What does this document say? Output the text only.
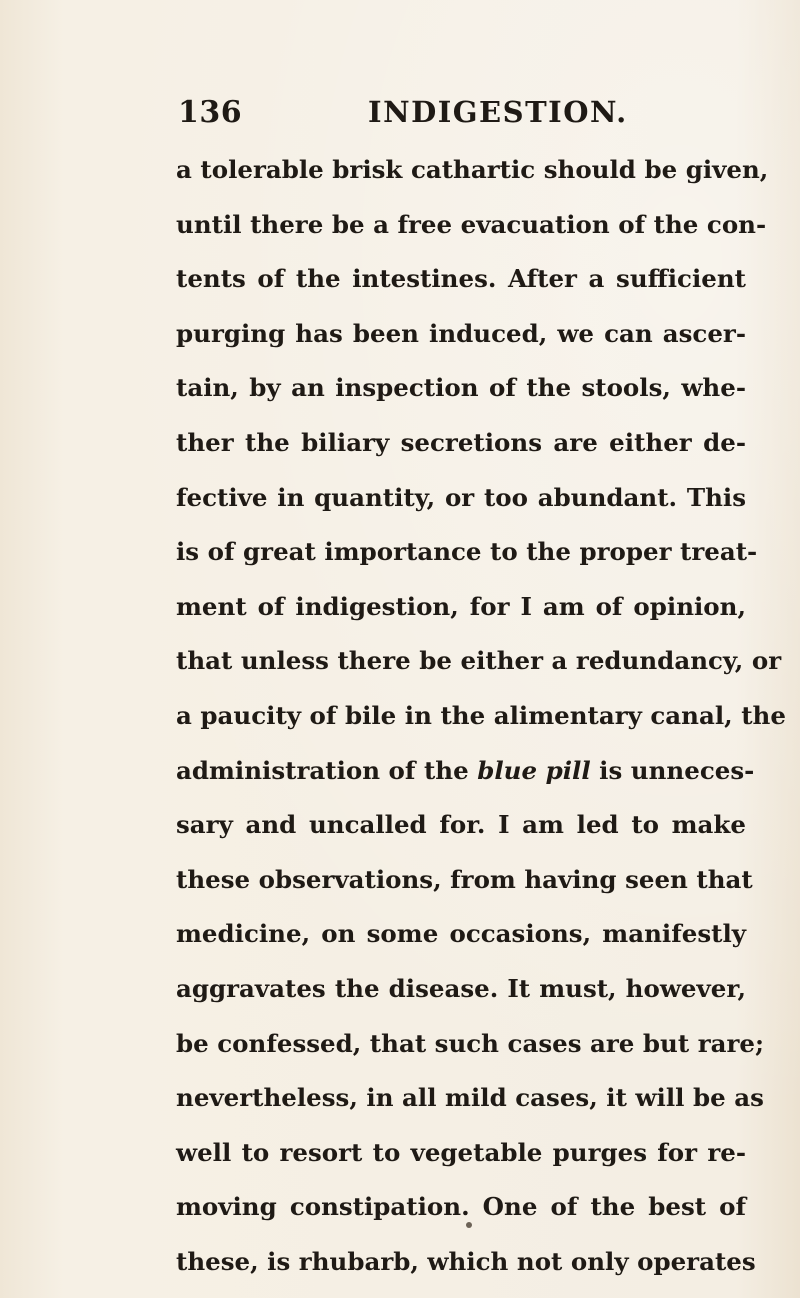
136	INDIGESTION.
a tolerable brisk cathartic should be given,
until there be a free evacuation of the con-
tents of the intestines. After a sufficient
purging has been induced, we can ascer-
tain, by an inspection of the stools, whe-
ther the biliary secretions are either de-
fective in quantity, or too abundant. This
is of great importance to the proper treat-
ment of indigestion, for I am of opinion,
that unless there be either a redundancy, or
a paucity of bile in the alimentary canal, the
administration of the blue pill is unneces-
sary and uncalled for. I am led to make
these observations, from having seen that
medicine, on some occasions, manifestly
aggravates the disease. It must, however,
be confessed, that such cases are but rare;
nevertheless, in all mild cases, it will be as
well to resort to vegetable purges for re-
moving constipation. One of the best of
these, is rhubarb, which not only operates
